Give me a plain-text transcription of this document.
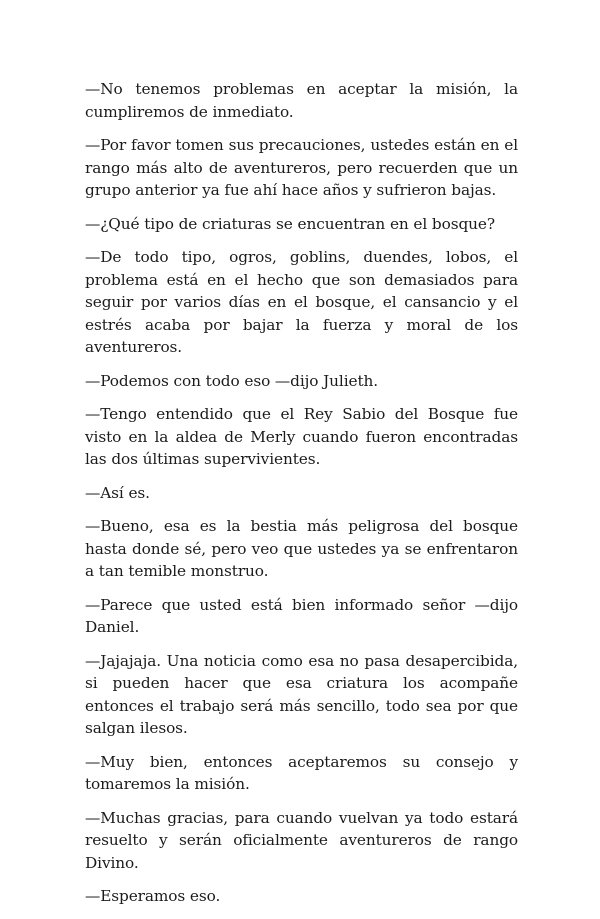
—No tenemos problemas en aceptar la misión, la cumpliremos de inmediato.

—Por favor tomen sus precauciones, ustedes están en el rango más alto de aventureros, pero recuerden que un grupo anterior ya fue ahí hace años y sufrieron bajas.

—¿Qué tipo de criaturas se encuentran en el bosque?

—De todo tipo, ogros, goblins, duendes, lobos, el problema está en el hecho que son demasiados para seguir por varios días en el bosque, el cansancio y el estrés acaba por bajar la fuerza y moral de los aventureros.

—Podemos con todo eso —dijo Julieth.

—Tengo entendido que el Rey Sabio del Bosque fue visto en la aldea de Merly cuando fueron encontradas las dos últimas supervivientes.

—Así es.

—Bueno, esa es la bestia más peligrosa del bosque hasta donde sé, pero veo que ustedes ya se enfrentaron a tan temible monstruo.

—Parece que usted está bien informado señor —dijo Daniel.

—Jajajaja. Una noticia como esa no pasa desapercibida, si pueden hacer que esa criatura los acompañe entonces el trabajo será más sencillo, todo sea por que salgan ilesos.

—Muy bien, entonces aceptaremos su consejo y tomaremos la misión.

—Muchas gracias, para cuando vuelvan ya todo estará resuelto y serán oficialmente aventureros de rango Divino.

—Esperamos eso.
